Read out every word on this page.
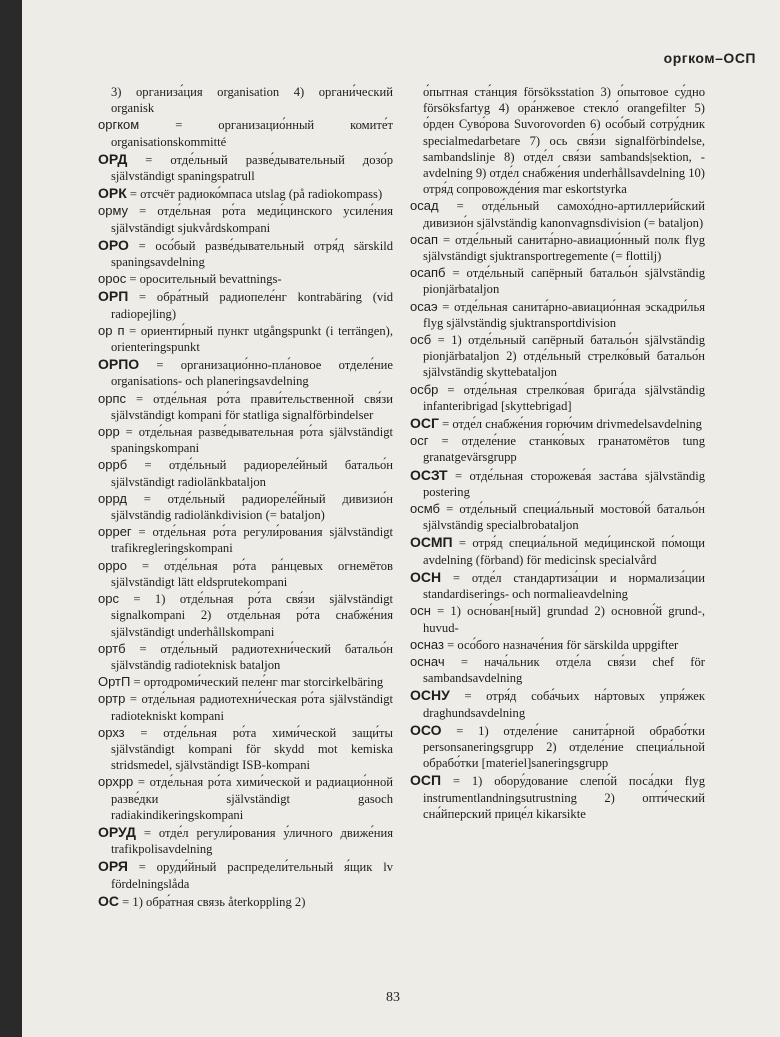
оргком–ОСП
3) организа́ция organisation 4) органи́ческий organisk
оргком = организацио́нный комите́т organisationskommitté
ОРД = отде́льный разве́дывательный дозо́р självständigt spaningspatrull
ОРК = отсчёт радиоко́мпаса utslag (på radiokompass)
орму = отде́льная ро́та меди́цинского усиле́ния självständigt sjukvårdskompani
ОРО = осо́бый разве́дывательный отря́д särskild spaningsavdelning
орос = оросительный bevattnings-
ОРП = обра́тный радиопеле́нг kontrabäring (vid radiopejling)
ор п = ориенти́рный пункт utgångspunkt (i terrängen), orienteringspunkt
ОРПО = организацио́нно-пла́новое отделе́ние organisations- och planeringsavdelning
орпс = отде́льная ро́та прави́тельственной свя́зи självständigt kompani för statliga signalförbindelser
орр = отде́льная разве́дывательная ро́та självständigt spaningskompani
оррб = отде́льный радиореле́йный батальо́н självständigt radiolänkbataljon
оррд = отде́льный радиореле́йный дивизио́н självständig radiolänkdivision (= bataljon)
оррег = отде́льная ро́та регули́рования självständigt trafikregleringskompani
орро = отде́льная ро́та ра́нцевых огнемётов självständigt lätt eldsprutekompani
орс = 1) отде́льная ро́та свя́зи självständigt signalkompani 2) отде́льная ро́та снабже́ния självständigt underhållskompani
ортб = отде́льный радиотехни́ческий батальо́н självständig radioteknisk bataljon
ОртП = ортодроми́ческий пеле́нг mar storcirkelbäring
ортр = отде́льная радиотехни́ческая ро́та självständigt radiotekniskt kompani
орхз = отде́льная ро́та хими́ческой защи́ты självständigt kompani för skydd mot kemiska stridsmedel, självständigt ISB-kompani
орхрр = отде́льная ро́та хими́ческой и радиацио́нной разве́дки självständigt gasoch radiakindikeringskompani
ОРУД = отде́л регули́рования у́личного движе́ния trafikpolisavdelning
ОРЯ = оруди́йный распредели́тельный я́щик lv fördelningslåda
ОС = 1) обра́тная связь återkoppling 2)
о́пытная ста́нция försöksstation 3) о́пытовое су́дно försöksfartyg 4) ора́нжевое стекло́ orangefilter 5) о́рден Суво́рова Suvorovorden 6) осо́бый сотру́дник specialmedarbetare 7) ось свя́зи signalförbindelse, sambandslinje 8) отде́л свя́зи sambands|sektion, -avdelning 9) отде́л снабже́ния underhållsavdelning 10) отря́д сопровожде́ния mar eskortstyrka
осад = отде́льный самохо́дно-артиллери́йский дивизио́н självständig kanonvagnsdivision (= bataljon)
осап = отде́льный санита́рно-авиацио́нный полк flyg självständigt sjuktransportregemente (= flottilj)
осапб = отде́льный сапёрный батальо́н självständig pionjärbataljon
осаэ = отде́льная санита́рно-авиацио́нная эскадри́лья flyg självständig sjuktransportdivision
осб = 1) отде́льный сапёрный батальо́н självständig pionjärbataljon 2) отде́льный стрелко́вый батальо́н självständig skyttebataljon
осбр = отде́льная стрелко́вая брига́да självständig infanteribrigad [skyttebrigad]
ОСГ = отде́л снабже́ния горю́чим drivmedelsavdelning
осг = отделе́ние станко́вых гранатомётов tung granatgevärsgrupp
ОСЗТ = отде́льная сторожева́я заста́ва självständig postering
осмб = отде́льный специа́льный мостово́й батальо́н självständig specialbrobataljon
ОСМП = отря́д специа́льной меди́цинской по́мощи avdelning (förband) för medicinsk specialvård
ОСН = отде́л стандартиза́ции и нормализа́ции standardiserings- och normalieavdelning
осн = 1) осно́ван[ный] grundad 2) основно́й grund-, huvud-
осназ = осо́бого назначе́ния för särskilda uppgifter
оснач = нача́льник отде́ла свя́зи chef för sambandsavdelning
ОСНУ = отря́д соба́чьих на́ртовых упря́жек draghundsavdelning
ОСО = 1) отделе́ние санита́рной обрабо́тки personsaneringsgrupp 2) отделе́ние специа́льной обрабо́тки [materiel]saneringsgrupp
ОСП = 1) обору́дование слепо́й поса́дки flyg instrumentlandningsutrustning 2) опти́ческий сна́йперский прице́л kikarsikte
83
